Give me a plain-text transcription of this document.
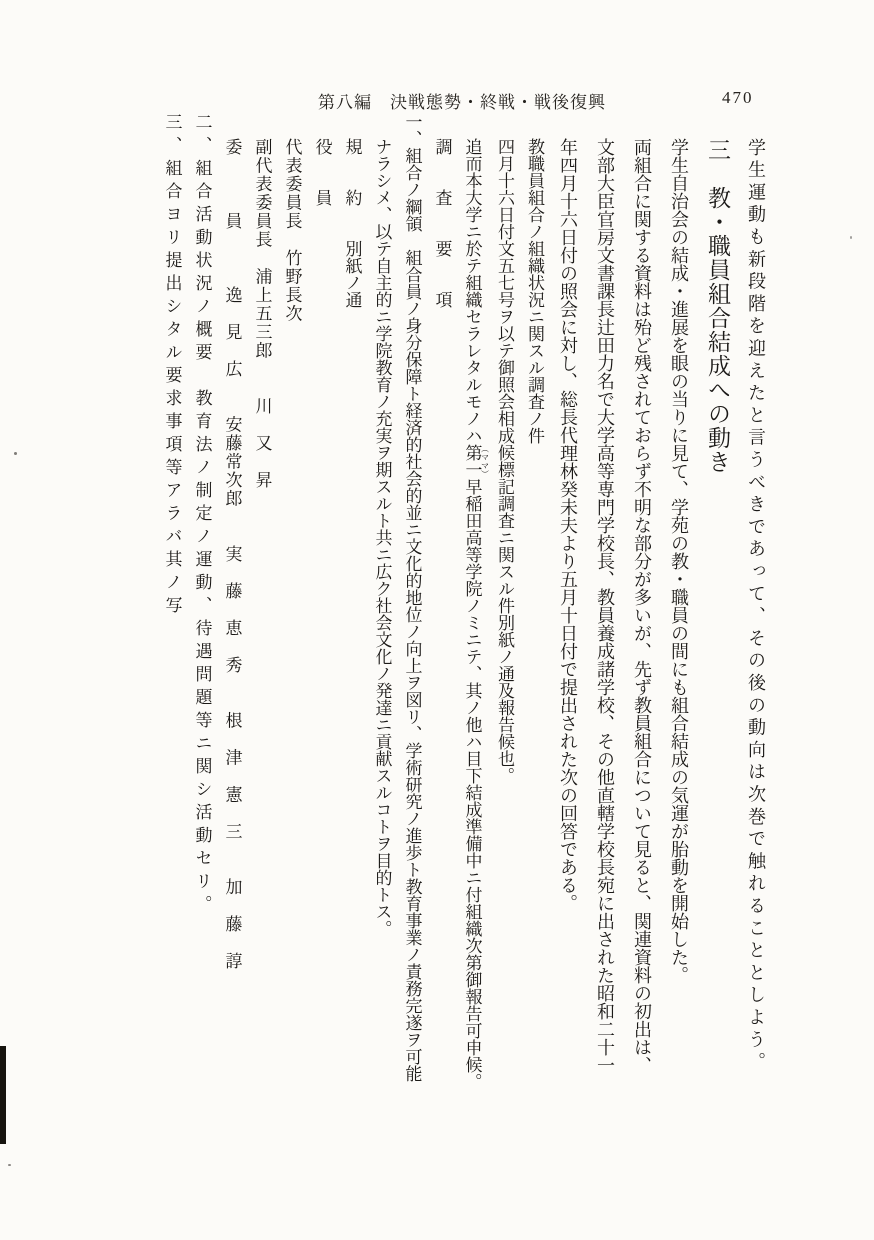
第八編　決戦態勢・終戦・戦後復興	470
学生運動も新段階を迎えたと言うべきであって、その後の動向は次巻で触れることとしよう。
三　教・職員組合結成への動き
学生自治会の結成・進展を眼の当りに見て、学苑の教・職員の間にも組合結成の気運が胎動を開始した。
両組合に関する資料は殆ど残されておらず不明な部分が多いが、先ず教員組合について見ると、関連資料の初出は、文部大臣官房文書課長辻田力名で大学高等専門学校長、教員養成諸学校、その他直轄学校長宛に出された昭和二十一年四月十六日付の照会に対し、総長代理林癸未夫より五月十日付で提出された次の回答である。
教職員組合ノ組織状況ニ関スル調査ノ件
四月十六日付文五七号ヲ以テ御照会相成候標記調査ニ関スル件別紙ノ通及報告候也。
追而本大学ニ於テ組織セラレタルモノハ第一 （ママ）早稲田高等学院ノミニテ、其ノ他ハ目下結成準備中ニ付組織次第御報告可申候。
調　　査　　要　　項
一、組合ノ綱領　組合員ノ身分保障ト経済的社会的並ニ文化的地位ノ向上ヲ図リ、学術研究ノ進歩ト教育事業ノ責務完遂ヲ可能ナラシメ、以テ自主的ニ学院教育ノ充実ヲ期スルト共ニ広ク社会文化ノ発達ニ貢献スルコトヲ目的トス。
規　　約　　別紙ノ通
役　　員
代表委員長　竹野長次
副代表委員長　浦上五三郎　　川　又　昇
委　　　員　　　逸　見　広　　安藤常次郎　　実　藤　恵　秀　　根　津　憲　三　　加　藤　諄
二、組合活動状況ノ概要　教育法ノ制定ノ運動、待遇問題等ニ関シ活動セリ。
三、組合ヨリ提出シタル要求事項等アラバ其ノ写
